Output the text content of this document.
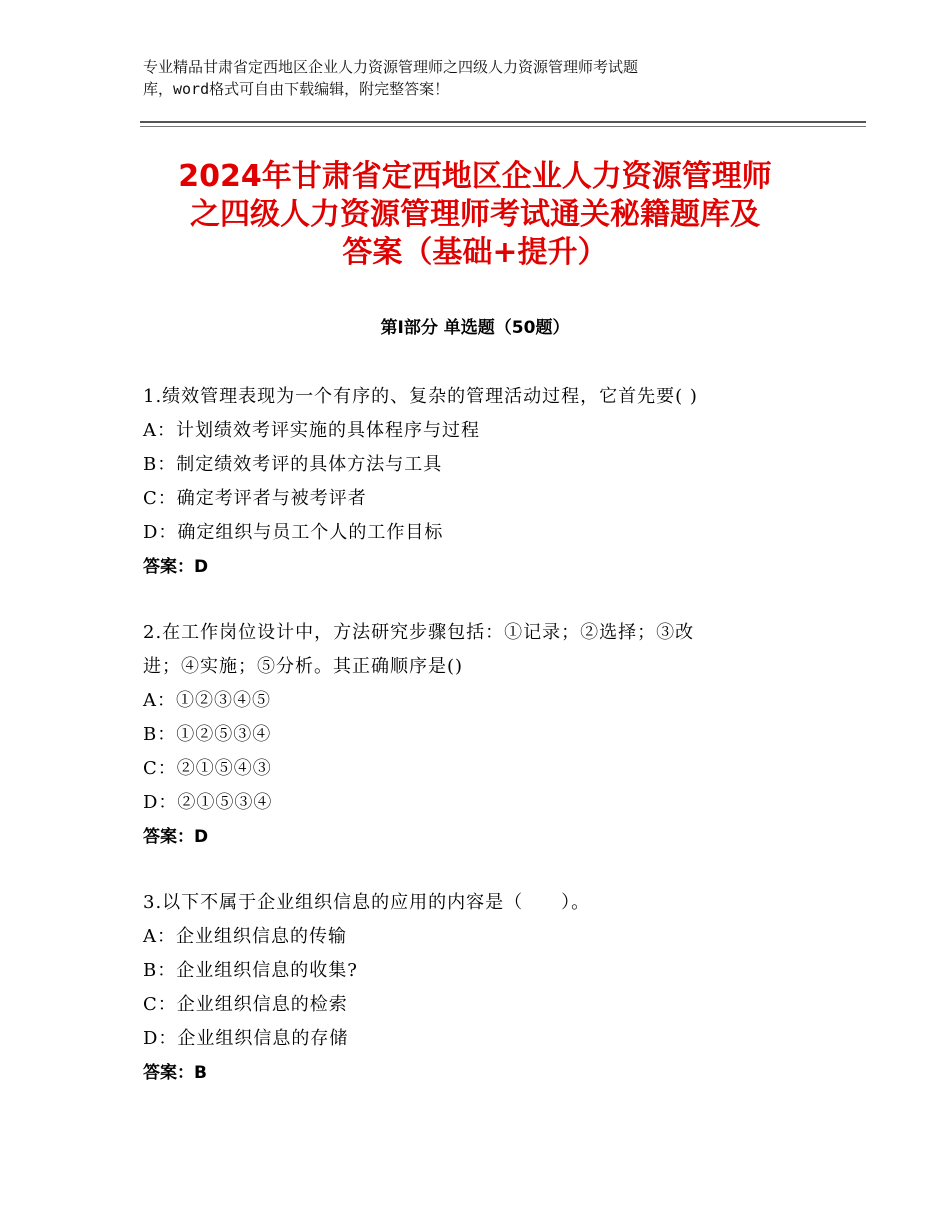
专业精品甘肃省定西地区企业人力资源管理师之四级人力资源管理师考试题
库，word格式可自由下载编辑，附完整答案！
2024年甘肃省定西地区企业人力资源管理师
之四级人力资源管理师考试通关秘籍题库及
答案（基础+提升）
第Ⅰ部分 单选题（50题）
1.绩效管理表现为一个有序的、复杂的管理活动过程，它首先要( )
A：计划绩效考评实施的具体程序与过程
B：制定绩效考评的具体方法与工具
C：确定考评者与被考评者
D：确定组织与员工个人的工作目标
答案：D
2.在工作岗位设计中，方法研究步骤包括：①记录；②选择；③改
进；④实施；⑤分析。其正确顺序是()
A：①②③④⑤
B：①②⑤③④
C：②①⑤④③
D：②①⑤③④
答案：D
3.以下不属于企业组织信息的应用的内容是（　　）。
A：企业组织信息的传输
B：企业组织信息的收集?
C：企业组织信息的检索
D：企业组织信息的存储
答案：B
